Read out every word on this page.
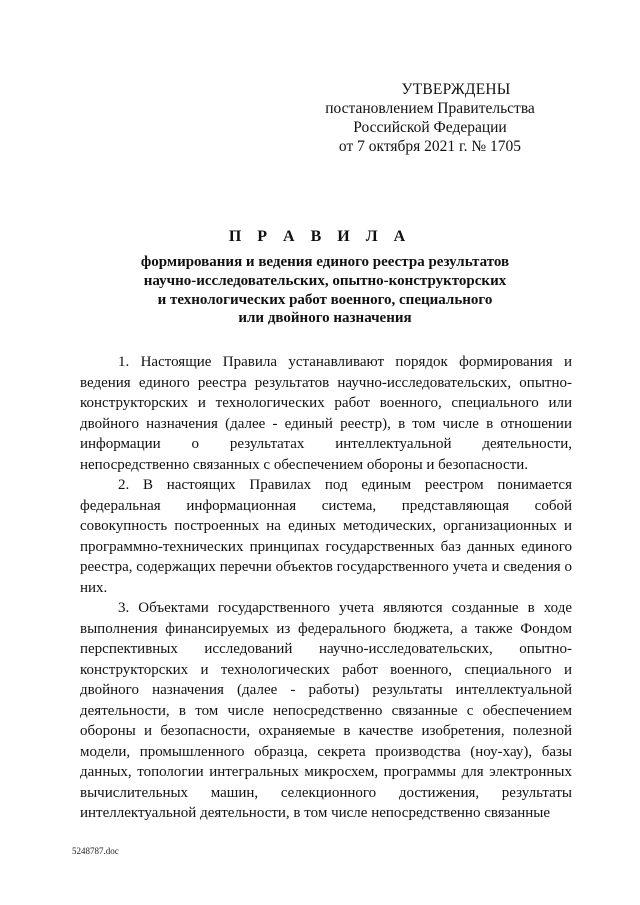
УТВЕРЖДЕНЫ
постановлением Правительства
Российской Федерации
от 7 октября 2021 г. № 1705
П Р А В И Л А
формирования и ведения единого реестра результатов
научно-исследовательских, опытно-конструкторских
и технологических работ военного, специального
или двойного назначения

1. Настоящие Правила устанавливают порядок формирования и ведения единого реестра результатов научно-исследовательских, опытно-конструкторских и технологических работ военного, специального или двойного назначения (далее - единый реестр), в том числе в отношении информации о результатах интеллектуальной деятельности, непосредственно связанных с обеспечением обороны и безопасности.

2. В настоящих Правилах под единым реестром понимается федеральная информационная система, представляющая собой совокупность построенных на единых методических, организационных и программно-технических принципах государственных баз данных единого реестра, содержащих перечни объектов государственного учета и сведения о них.

3. Объектами государственного учета являются созданные в ходе выполнения финансируемых из федерального бюджета, а также Фондом перспективных исследований научно-исследовательских, опытно-конструкторских и технологических работ военного, специального и двойного назначения (далее - работы) результаты интеллектуальной деятельности, в том числе непосредственно связанные с обеспечением обороны и безопасности, охраняемые в качестве изобретения, полезной модели, промышленного образца, секрета производства (ноу-хау), базы данных, топологии интегральных микросхем, программы для электронных вычислительных машин, селекционного достижения, результаты интеллектуальной деятельности, в том числе непосредственно связанные

5248787.doc
